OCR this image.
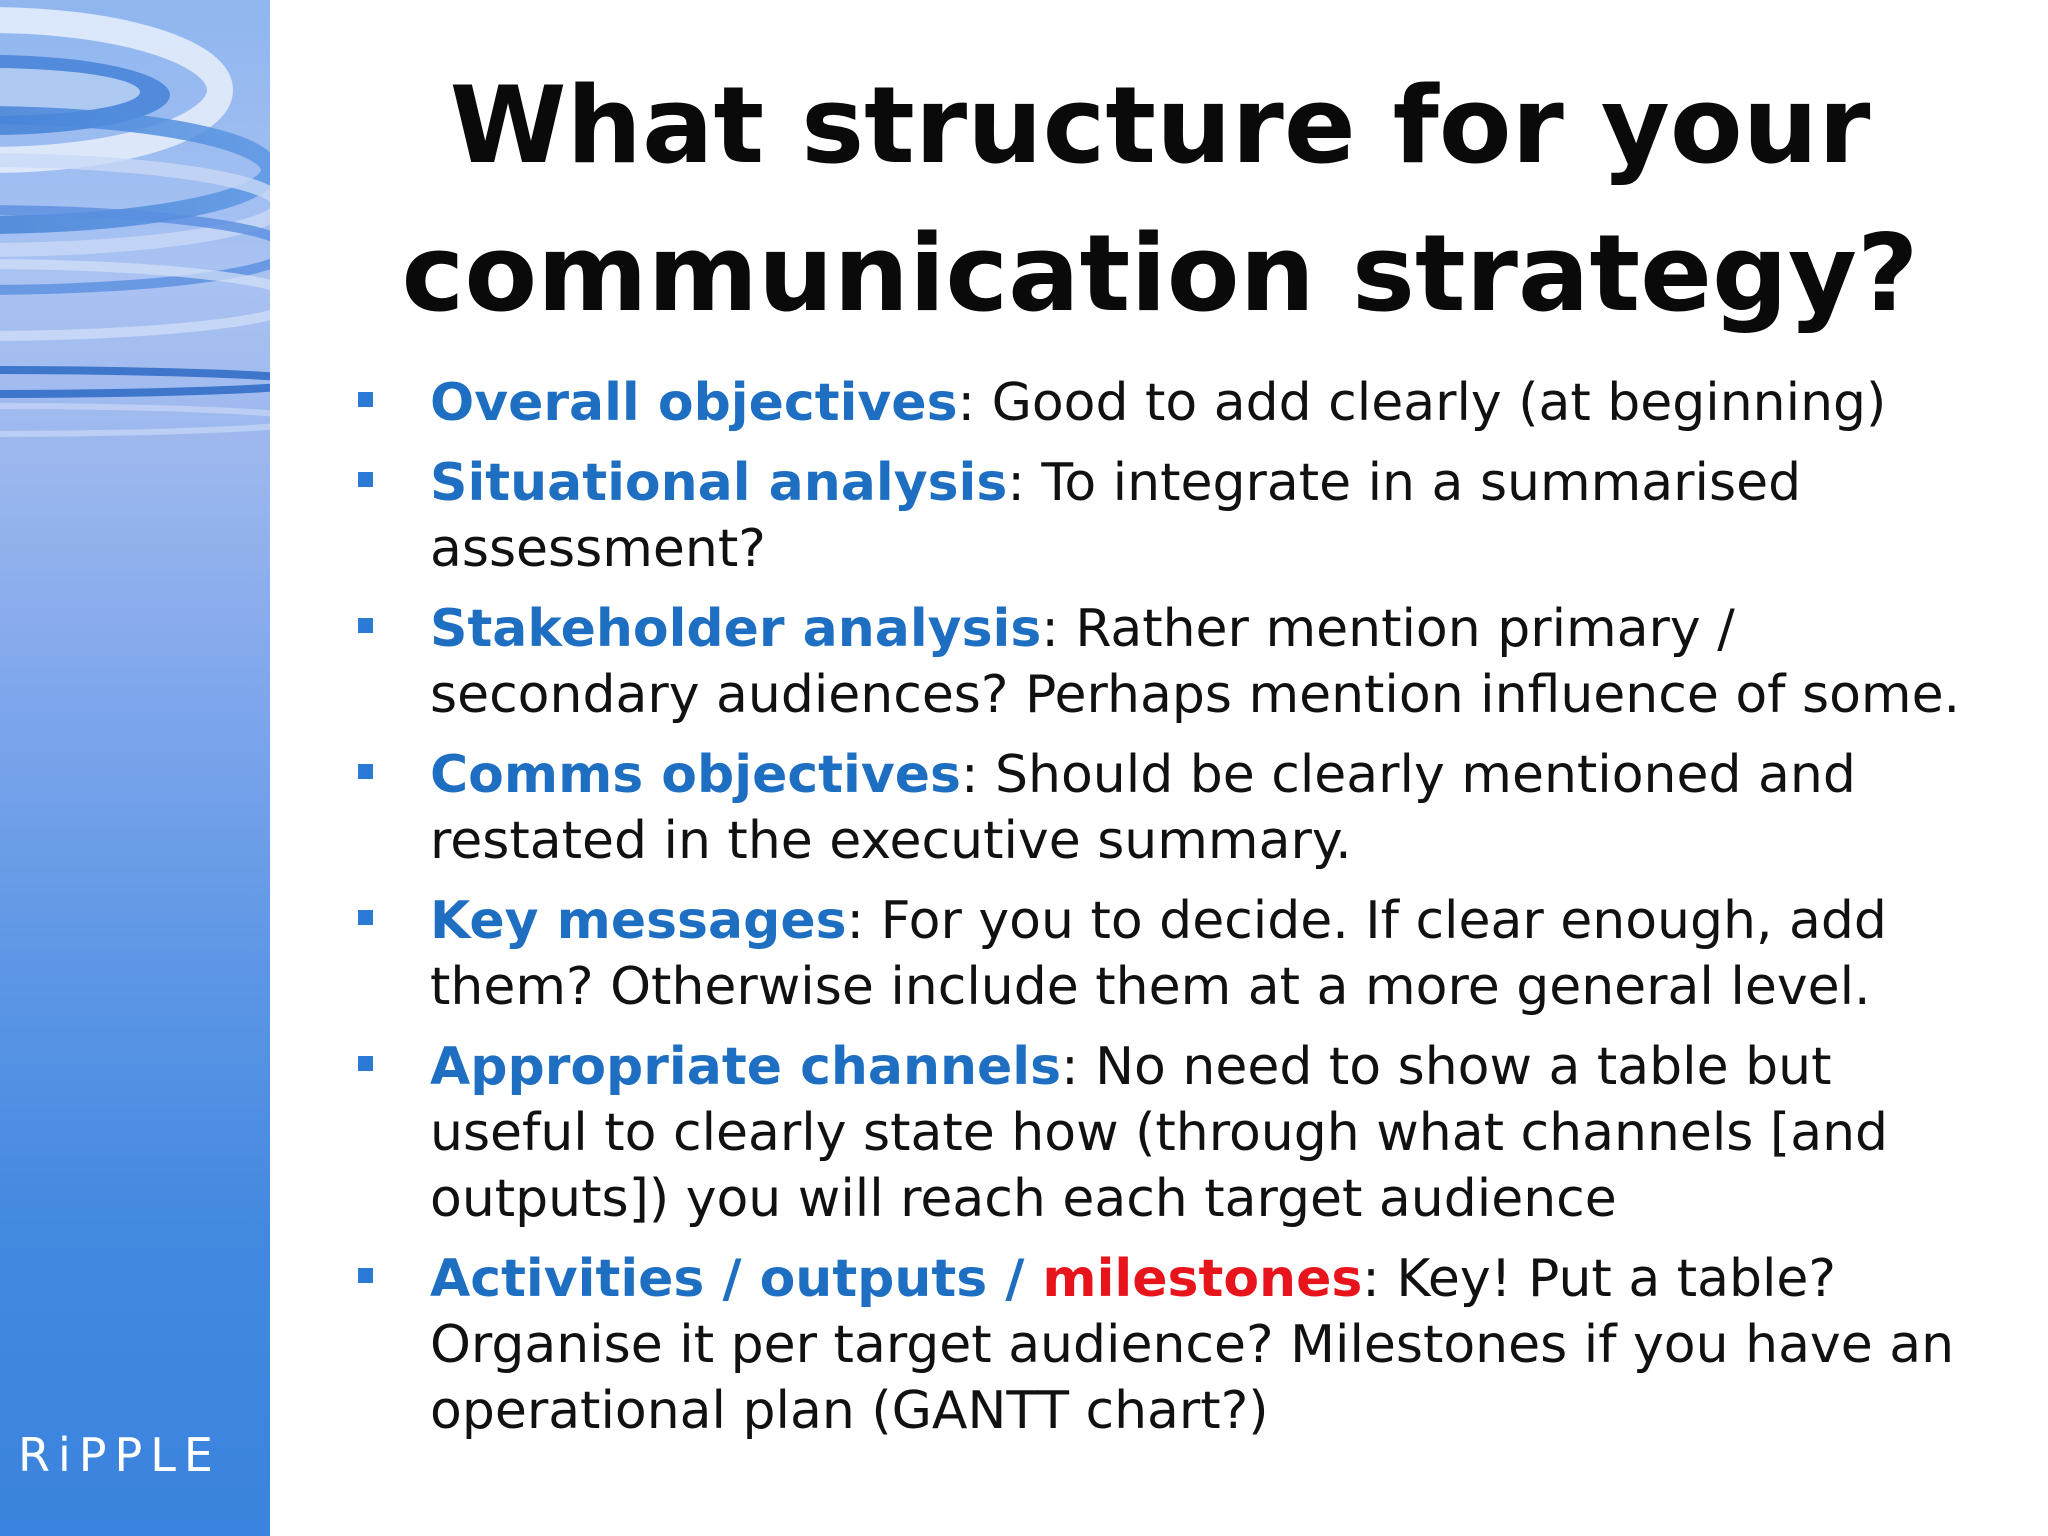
RiPPLE
What structure for your communication strategy?
Overall objectives: Good to add clearly (at beginning)
Situational analysis: To integrate in a summarised assessment?
Stakeholder analysis: Rather mention primary / secondary audiences? Perhaps mention influence of some.
Comms objectives: Should be clearly mentioned and restated in the executive summary.
Key messages: For you to decide. If clear enough, add them? Otherwise include them at a more general level.
Appropriate channels: No need to show a table but useful to clearly state how (through what channels [and outputs]) you will reach each target audience
Activities / outputs / milestones: Key! Put a table? Organise it per target audience? Milestones if you have an operational plan (GANTT chart?)
